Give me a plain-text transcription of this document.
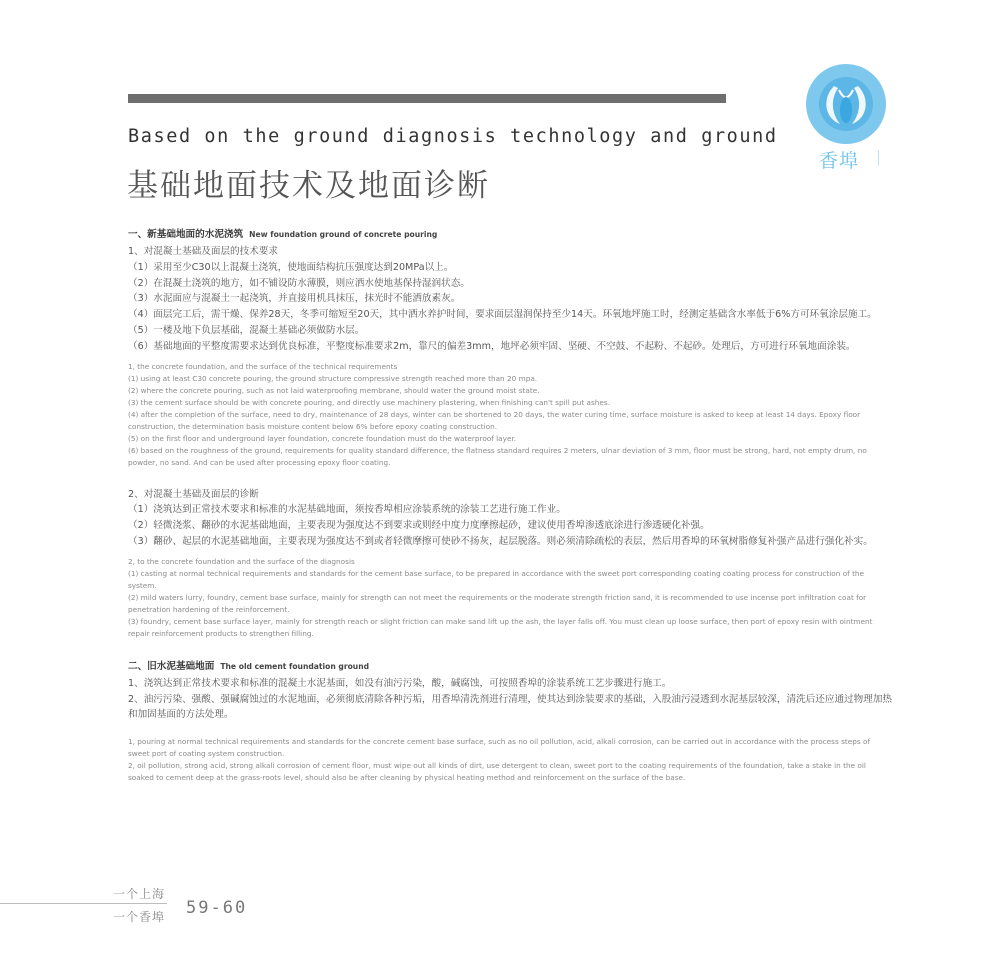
Based on the ground diagnosis technology and ground
基础地面技术及地面诊断
香埠
一、新基础地面的水泥浇筑 New foundation ground of concrete pouring

1、对混凝土基础及面层的技术要求

（1）采用至少C30以上混凝土浇筑，使地面结构抗压强度达到20MPa以上。

（2）在混凝土浇筑的地方，如不铺设防水薄膜，则应洒水使地基保持湿润状态。

（3）水泥面应与混凝土一起浇筑，并直接用机具抹压，抹光时不能洒放素灰。

（4）面层完工后，需干燥、保养28天，冬季可缩短至20天，其中洒水养护时间，要求面层湿润保持至少14天。环氧地坪施工时，经测定基础含水率低于6%方可环氧涂层施工。

（5）一楼及地下负层基础，混凝土基础必须做防水层。

（6）基础地面的平整度需要求达到优良标准，平整度标准要求2m，靠尺的偏差3mm，地坪必须牢固、坚硬、不空鼓、不起粉、不起砂。处理后，方可进行环氧地面涂装。

1, the concrete foundation, and the surface of the technical requirements

(1) using at least C30 concrete pouring, the ground structure compressive strength reached more than 20 mpa.

(2) where the concrete pouring, such as not laid waterproofing membrane, should water the ground moist state.

(3) the cement surface should be with concrete pouring, and directly use machinery plastering, when finishing can't spill put ashes.

(4) after the completion of the surface, need to dry, maintenance of 28 days, winter can be shortened to 20 days, the water curing time, surface moisture is asked to keep at least 14 days. Epoxy floor construction, the determination basis moisture content below 6% before epoxy coating construction.

(5) on the first floor and underground layer foundation, concrete foundation must do the waterproof layer.

(6) based on the roughness of the ground, requirements for quality standard difference, the flatness standard requires 2 meters, ulnar deviation of 3 mm, floor must be strong, hard, not empty drum, no powder, no sand. And can be used after processing epoxy floor coating.

2、对混凝土基础及面层的诊断

（1）浇筑达到正常技术要求和标准的水泥基础地面，须按香埠相应涂装系统的涂装工艺进行施工作业。

（2）轻微浇浆、翻砂的水泥基础地面，主要表现为强度达不到要求或则经中度力度摩擦起砂，建议使用香埠渗透底涂进行渗透硬化补强。

（3）翻砂、起层的水泥基础地面，主要表现为强度达不到或者轻微摩擦可使砂不扬灰，起层脱落。则必须清除疏松的表层，然后用香埠的环氧树脂修复补强产品进行强化补实。

2, to the concrete foundation and the surface of the diagnosis

(1) casting at normal technical requirements and standards for the cement base surface, to be prepared in accordance with the sweet port corresponding coating coating process for construction of the system.

(2) mild waters lurry, foundry, cement base surface, mainly for strength can not meet the requirements or the moderate strength friction sand, it is recommended to use incense port infiltration coat for penetration hardening of the reinforcement.

(3) foundry, cement base surface layer, mainly for strength reach or slight friction can make sand lift up the ash, the layer falls off. You must clean up loose surface, then port of epoxy resin with ointment repair reinforcement products to strengthen filling.

二、旧水泥基础地面 The old cement foundation ground

1、浇筑达到正常技术要求和标准的混凝土水泥基面，如没有油污污染，酸，碱腐蚀，可按照香埠的涂装系统工艺步骤进行施工。

2、油污污染、强酸、强碱腐蚀过的水泥地面，必须彻底清除各种污垢，用香埠清洗剂进行清理，使其达到涂装要求的基础，入股油污浸透到水泥基层较深，清洗后还应通过物理加热和加固基面的方法处理。

1, pouring at normal technical requirements and standards for the concrete cement base surface, such as no oil pollution, acid, alkali corrosion, can be carried out in accordance with the process steps of sweet port of coating system construction.

2, oil pollution, strong acid, strong alkali corrosion of cement floor, must wipe out all kinds of dirt, use detergent to clean, sweet port to the coating requirements of the foundation, take a stake in the oil soaked to cement deep at the grass-roots level, should also be after cleaning by physical heating method and reinforcement on the surface of the base.

一个上海
一个香埠 59-60
